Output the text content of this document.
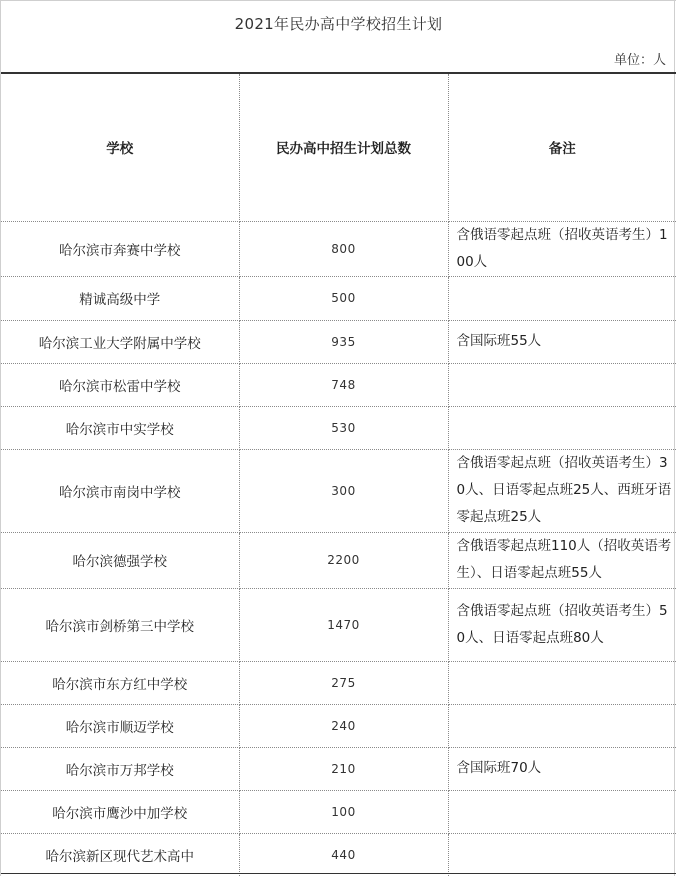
2021年民办高中学校招生计划
单位：人
学校	民办高中招生计划总数	备注
哈尔滨市奔赛中学校	800	含俄语零起点班（招收英语考生）100人
精诚高级中学	500	
哈尔滨工业大学附属中学校	935	含国际班55人
哈尔滨市松雷中学校	748	
哈尔滨市中实学校	530	
哈尔滨市南岗中学校	300	含俄语零起点班（招收英语考生）30人、日语零起点班25人、西班牙语零起点班25人
哈尔滨德强学校	2200	含俄语零起点班110人（招收英语考生）、日语零起点班55人
哈尔滨市剑桥第三中学校	1470	含俄语零起点班（招收英语考生）50人、日语零起点班80人
哈尔滨市东方红中学校	275	
哈尔滨市顺迈学校	240	
哈尔滨市万邦学校	210	含国际班70人
哈尔滨市鹰沙中加学校	100	
哈尔滨新区现代艺术高中	440	
